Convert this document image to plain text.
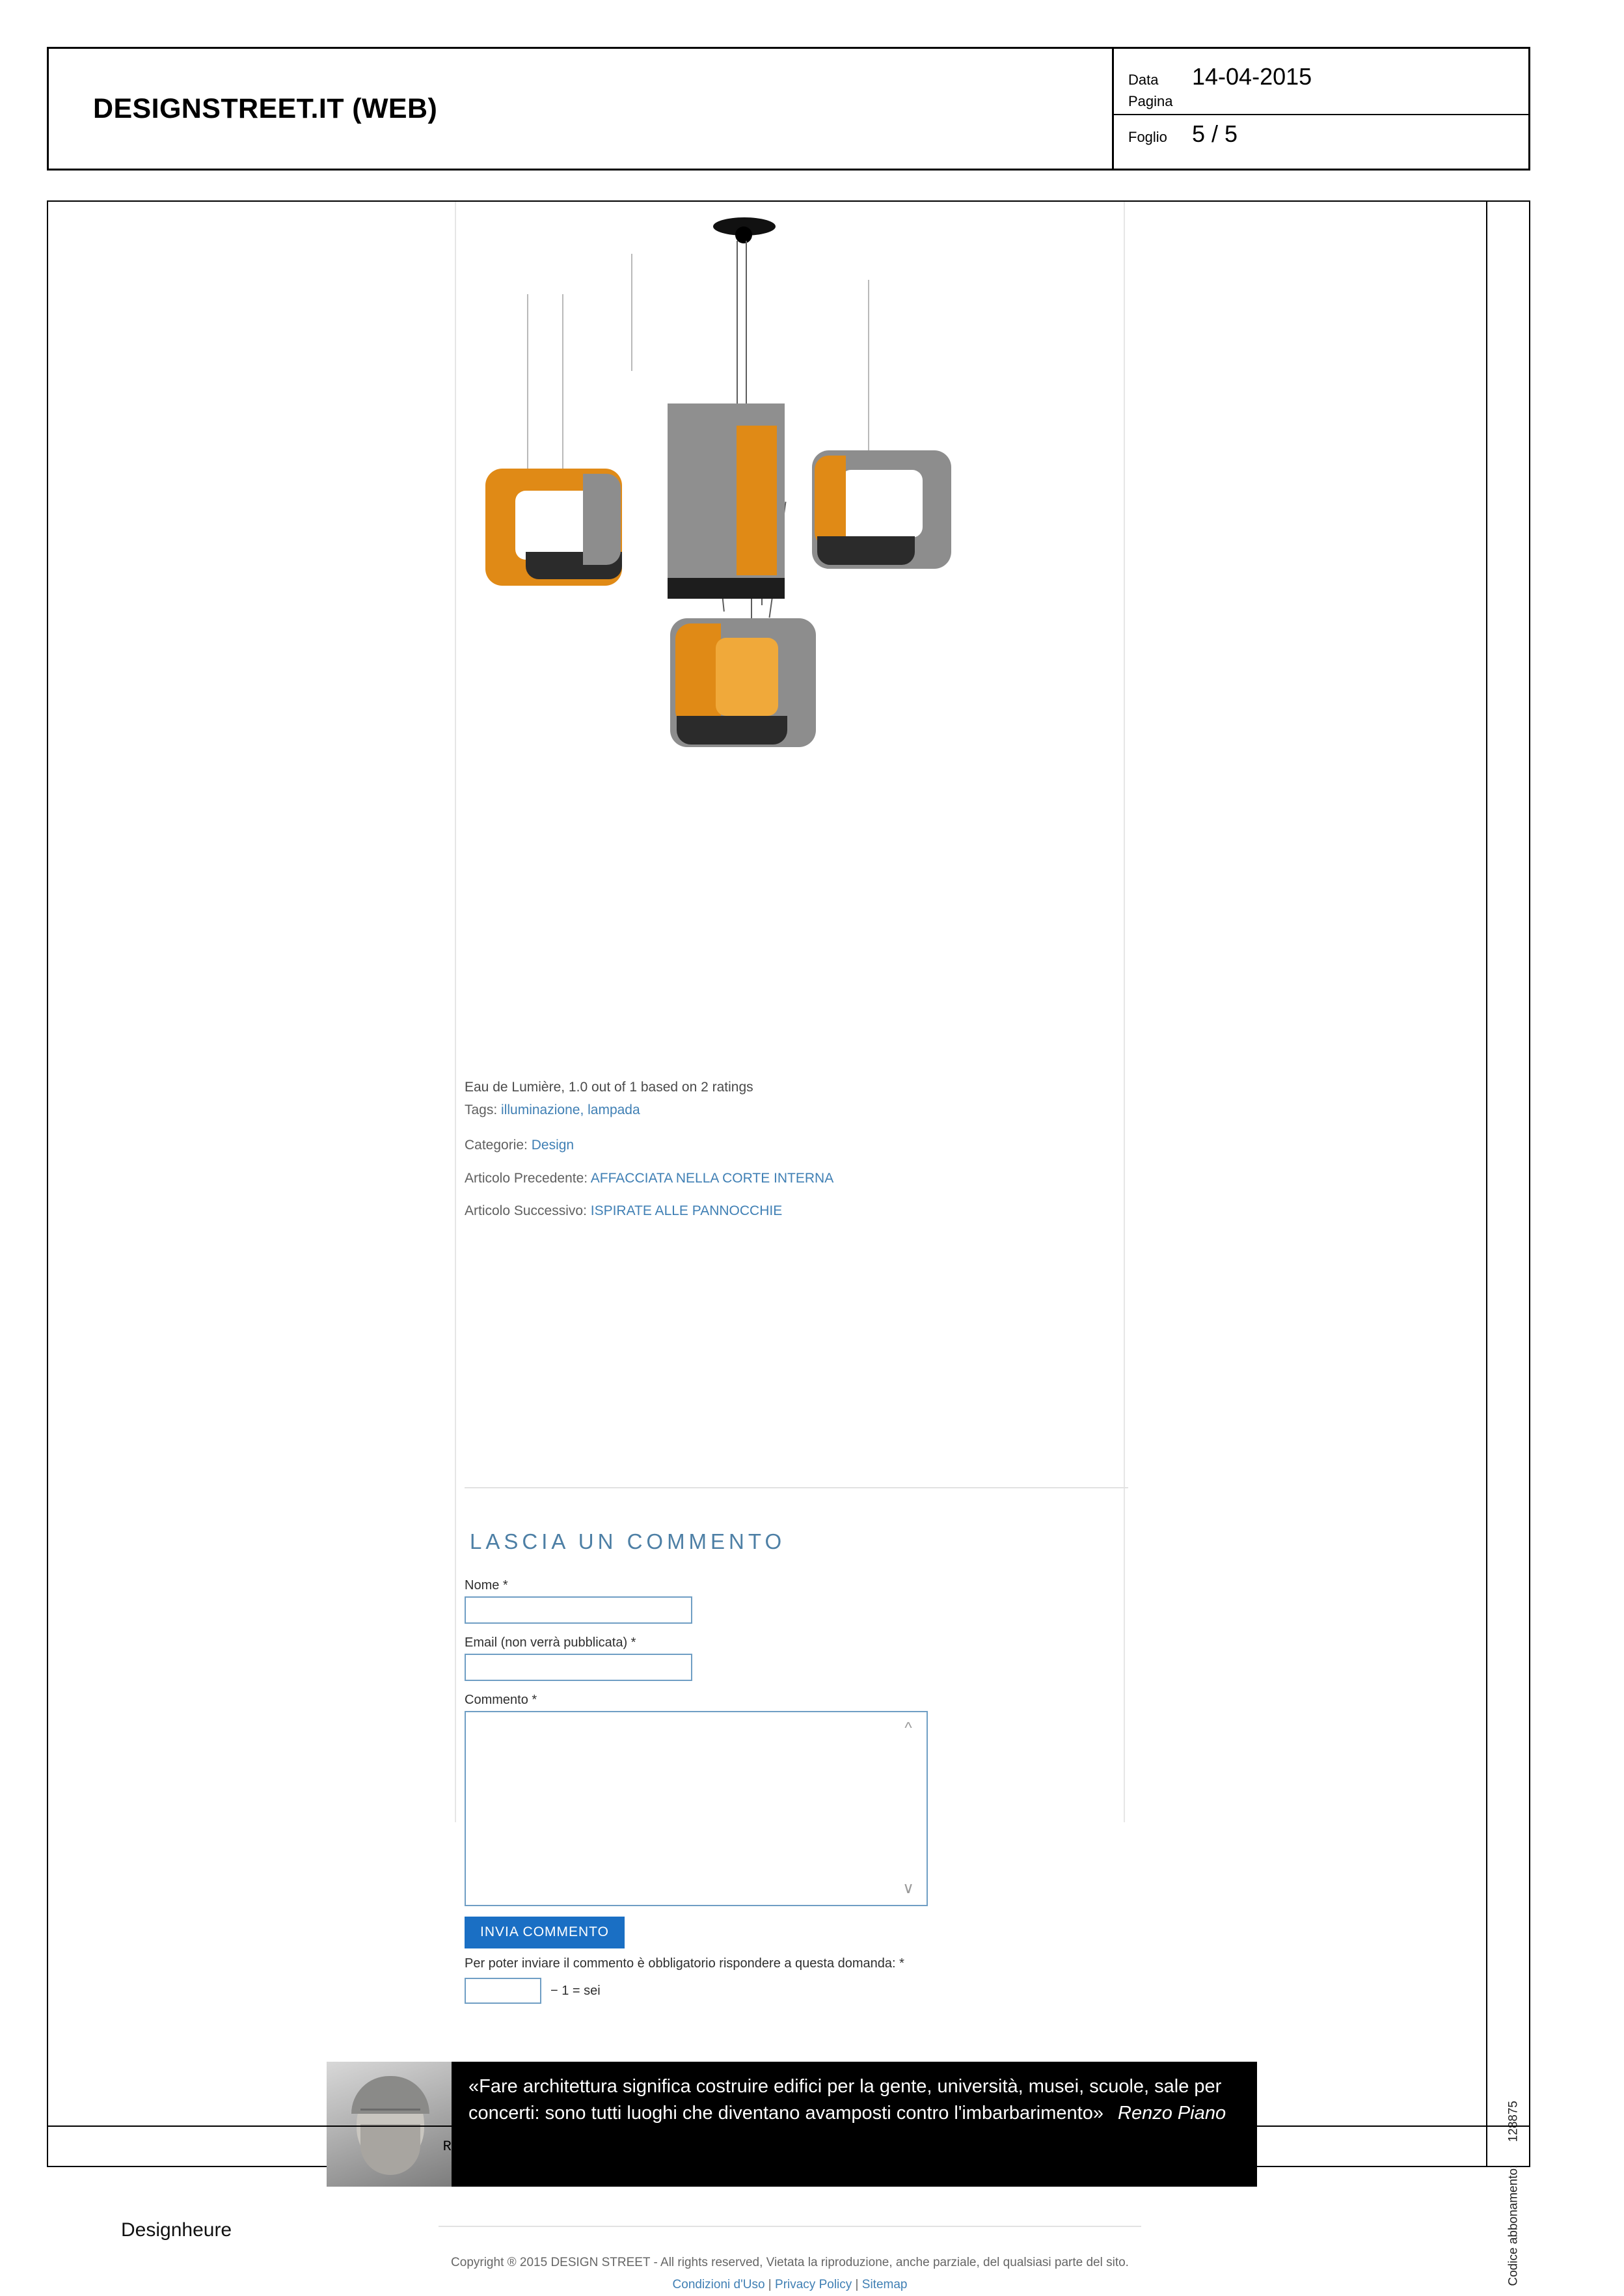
DESIGNSTREET.IT (WEB)
Data	14-04-2015
Pagina
Foglio	5 / 5
Eau de Lumière, 1.0 out of 1 based on 2 ratings
Tags: illuminazione, lampada
Categorie: Design
Articolo Precedente: AFFACCIATA NELLA CORTE INTERNA
Articolo Successivo: ISPIRATE ALLE PANNOCCHIE
LASCIA UN COMMENTO
Nome *
Email (non verrà pubblicata) *
Commento *
^
∨
INVIA COMMENTO
Per poter inviare il commento è obbligatorio rispondere a questa domanda: *
− 1 = sei
«Fare architettura significa costruire edifici per la gente, università, musei, scuole, sale per concerti: sono tutti luoghi che diventano avamposti contro l'imbarbarimento» Renzo Piano
Copyright ® 2015 DESIGN STREET - All rights reserved, Vietata la riproduzione, anche parziale, del qualsiasi parte del sito.
Condizioni d'Uso | Privacy Policy | Sitemap	Codice abbonamento: 128875
Ritaglio stampa ad uso esclusivo del destinatario, non riproducibile.
Designheure
